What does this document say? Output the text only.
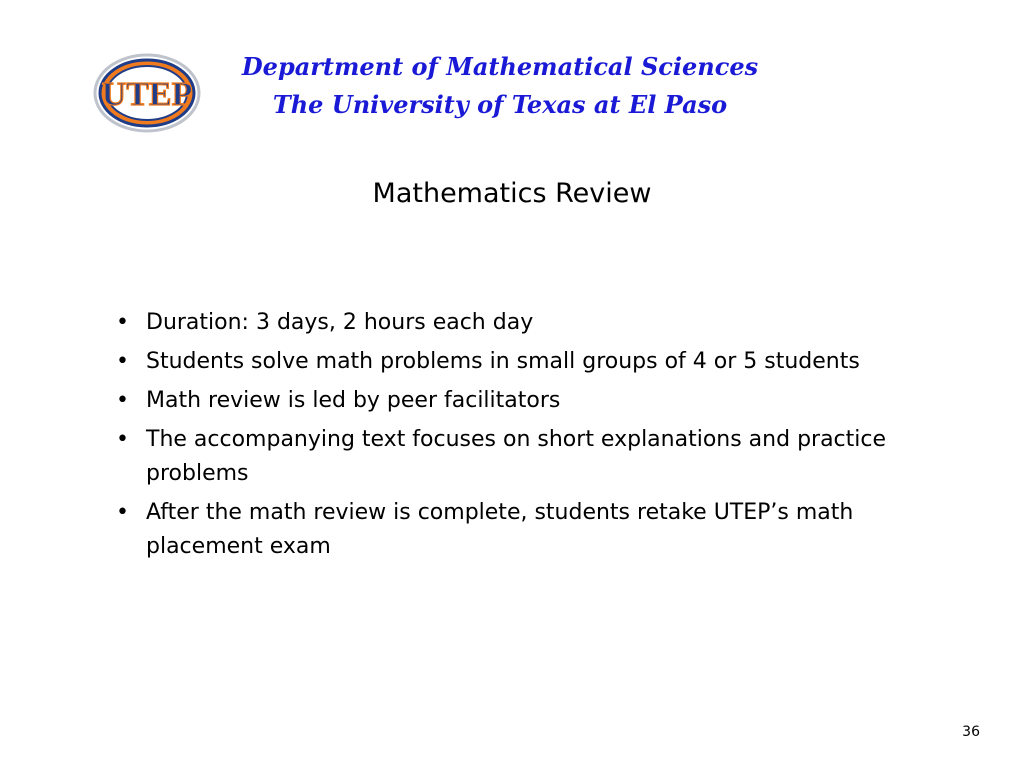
UTEP
Department of Mathematical Sciences
The University of Texas at El Paso
Mathematics Review
• Duration: 3 days, 2 hours each day
• Students solve math problems in small groups of 4 or 5 students
• Math review is led by peer facilitators
• The accompanying text focuses on short explanations and practice problems
• After the math review is complete, students retake UTEP’s math placement exam
36
